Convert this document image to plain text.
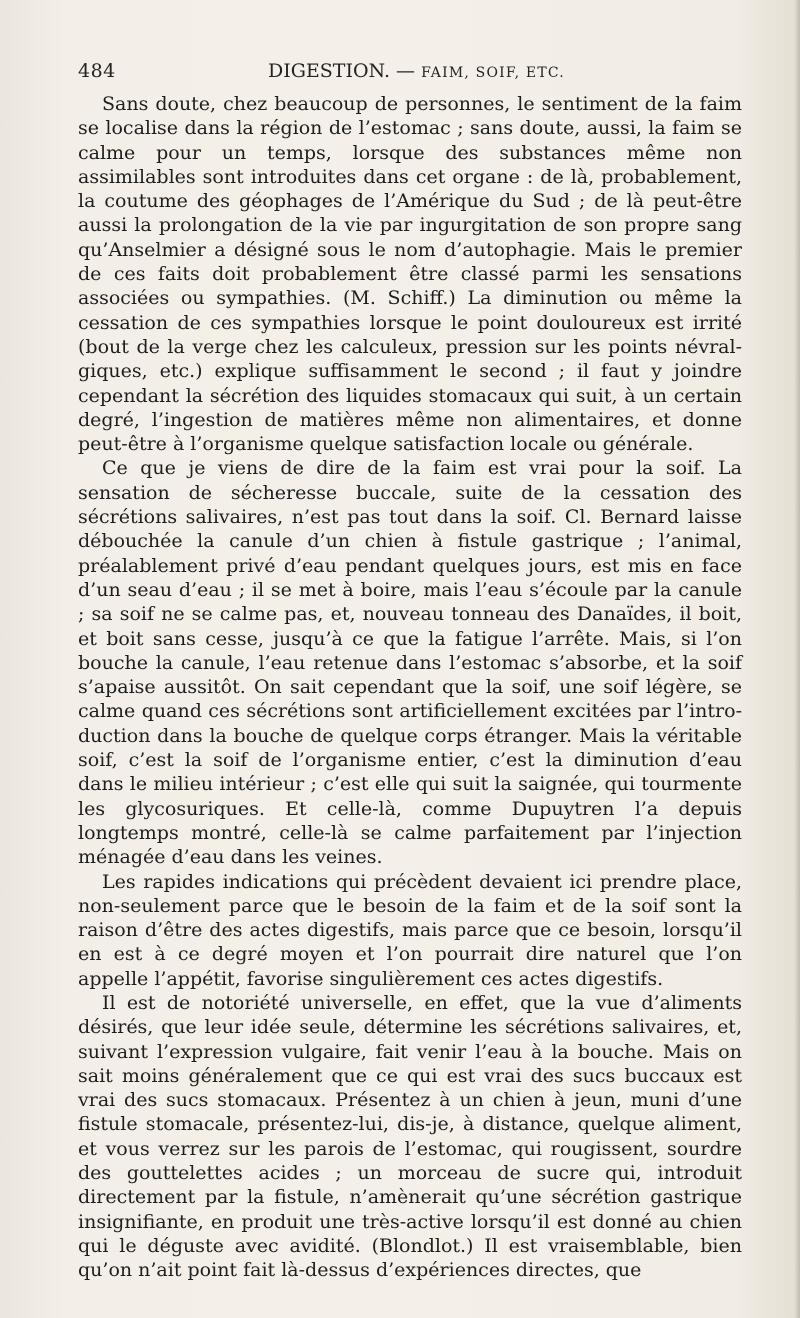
484	DIGESTION. — FAIM, SOIF, ETC.

Sans doute, chez beaucoup de personnes, le sentiment de la faim se localise dans la région de l’estomac ; sans doute, aussi, la faim se calme pour un temps, lorsque des substances même non assimilables sont introduites dans cet organe : de là, probablement, la coutume des géophages de l’Amérique du Sud ; de là peut-être aussi la prolongation de la vie par ingurgitation de son propre sang qu’Anselmier a désigné sous le nom d’autophagie. Mais le premier de ces faits doit probablement être classé parmi les sensations associées ou sympathies. (M. Schiff.) La diminution ou même la cessation de ces sympathies lorsque le point douloureux est irrité (bout de la verge chez les calculeux, pression sur les points névralgiques, etc.) explique suffisamment le second ; il faut y joindre cependant la sécrétion des liquides stomacaux qui suit, à un certain degré, l’ingestion de matières même non alimentaires, et donne peut-être à l’organisme quelque satisfaction locale ou générale.

Ce que je viens de dire de la faim est vrai pour la soif. La sensation de sécheresse buccale, suite de la cessation des sécrétions salivaires, n’est pas tout dans la soif. Cl. Bernard laisse débouchée la canule d’un chien à fistule gastrique ; l’animal, préalablement privé d’eau pendant quelques jours, est mis en face d’un seau d’eau ; il se met à boire, mais l’eau s’écoule par la canule ; sa soif ne se calme pas, et, nouveau tonneau des Danaïdes, il boit, et boit sans cesse, jusqu’à ce que la fatigue l’arrête. Mais, si l’on bouche la canule, l’eau retenue dans l’estomac s’absorbe, et la soif s’apaise aussitôt. On sait cependant que la soif, une soif légère, se calme quand ces sécrétions sont artificiellement excitées par l’introduction dans la bouche de quelque corps étranger. Mais la véritable soif, c’est la soif de l’organisme entier, c’est la diminution d’eau dans le milieu intérieur ; c’est elle qui suit la saignée, qui tourmente les glycosuriques. Et celle-là, comme Dupuytren l’a depuis longtemps montré, celle-là se calme parfaitement par l’injection ménagée d’eau dans les veines.

Les rapides indications qui précèdent devaient ici prendre place, non-seulement parce que le besoin de la faim et de la soif sont la raison d’être des actes digestifs, mais parce que ce besoin, lorsqu’il en est à ce degré moyen et l’on pourrait dire naturel que l’on appelle l’appétit, favorise singulièrement ces actes digestifs.

Il est de notoriété universelle, en effet, que la vue d’aliments désirés, que leur idée seule, détermine les sécrétions salivaires, et, suivant l’expression vulgaire, fait venir l’eau à la bouche. Mais on sait moins généralement que ce qui est vrai des sucs buccaux est vrai des sucs stomacaux. Présentez à un chien à jeun, muni d’une fistule stomacale, présentez-lui, dis-je, à distance, quelque aliment, et vous verrez sur les parois de l’estomac, qui rougissent, sourdre des gouttelettes acides ; un morceau de sucre qui, introduit directement par la fistule, n’amènerait qu’une sécrétion gastrique insignifiante, en produit une très-active lorsqu’il est donné au chien qui le déguste avec avidité. (Blondlot.) Il est vraisemblable, bien qu’on n’ait point fait là-dessus d’expériences directes, que
